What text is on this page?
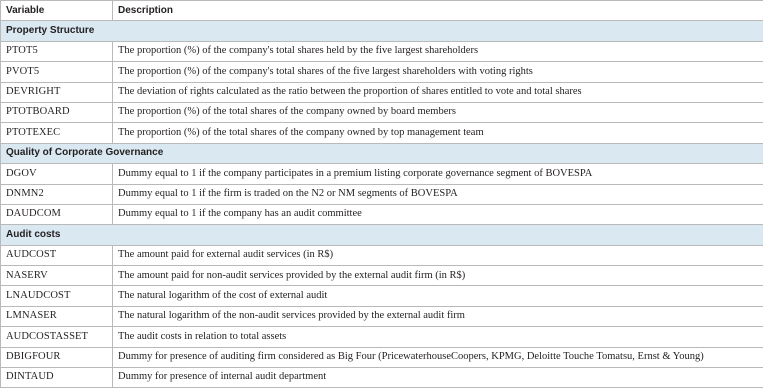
Variable	Description
Property Structure	
PTOT5	The proportion (%) of the company's total shares held by the five largest shareholders
PVOT5	The proportion (%) of the company's total shares of the five largest shareholders with voting rights
DEVRIGHT	The deviation of rights calculated as the ratio between the proportion of shares entitled to vote and total shares
PTOTBOARD	The proportion (%) of the total shares of the company owned by board members
PTOTEXEC	The proportion (%) of the total shares of the company owned by top management team
Quality of Corporate Governance	
DGOV	Dummy equal to 1 if the company participates in a premium listing corporate governance segment of BOVESPA
DNMN2	Dummy equal to 1 if the firm is traded on the N2 or NM segments of BOVESPA
DAUDCOM	Dummy equal to 1 if the company has an audit committee
Audit costs	
AUDCOST	The amount paid for external audit services (in R$)
NASERV	The amount paid for non-audit services provided by the external audit firm (in R$)
LNAUDCOST	The natural logarithm of the cost of external audit
LMNASER	The natural logarithm of the non-audit services provided by the external audit firm
AUDCOSTASSET	The audit costs in relation to total assets
DBIGFOUR	Dummy for presence of auditing firm considered as Big Four (PricewaterhouseCoopers, KPMG, Deloitte Touche Tomatsu, Ernst & Young)
DINTAUD	Dummy for presence of internal audit department
